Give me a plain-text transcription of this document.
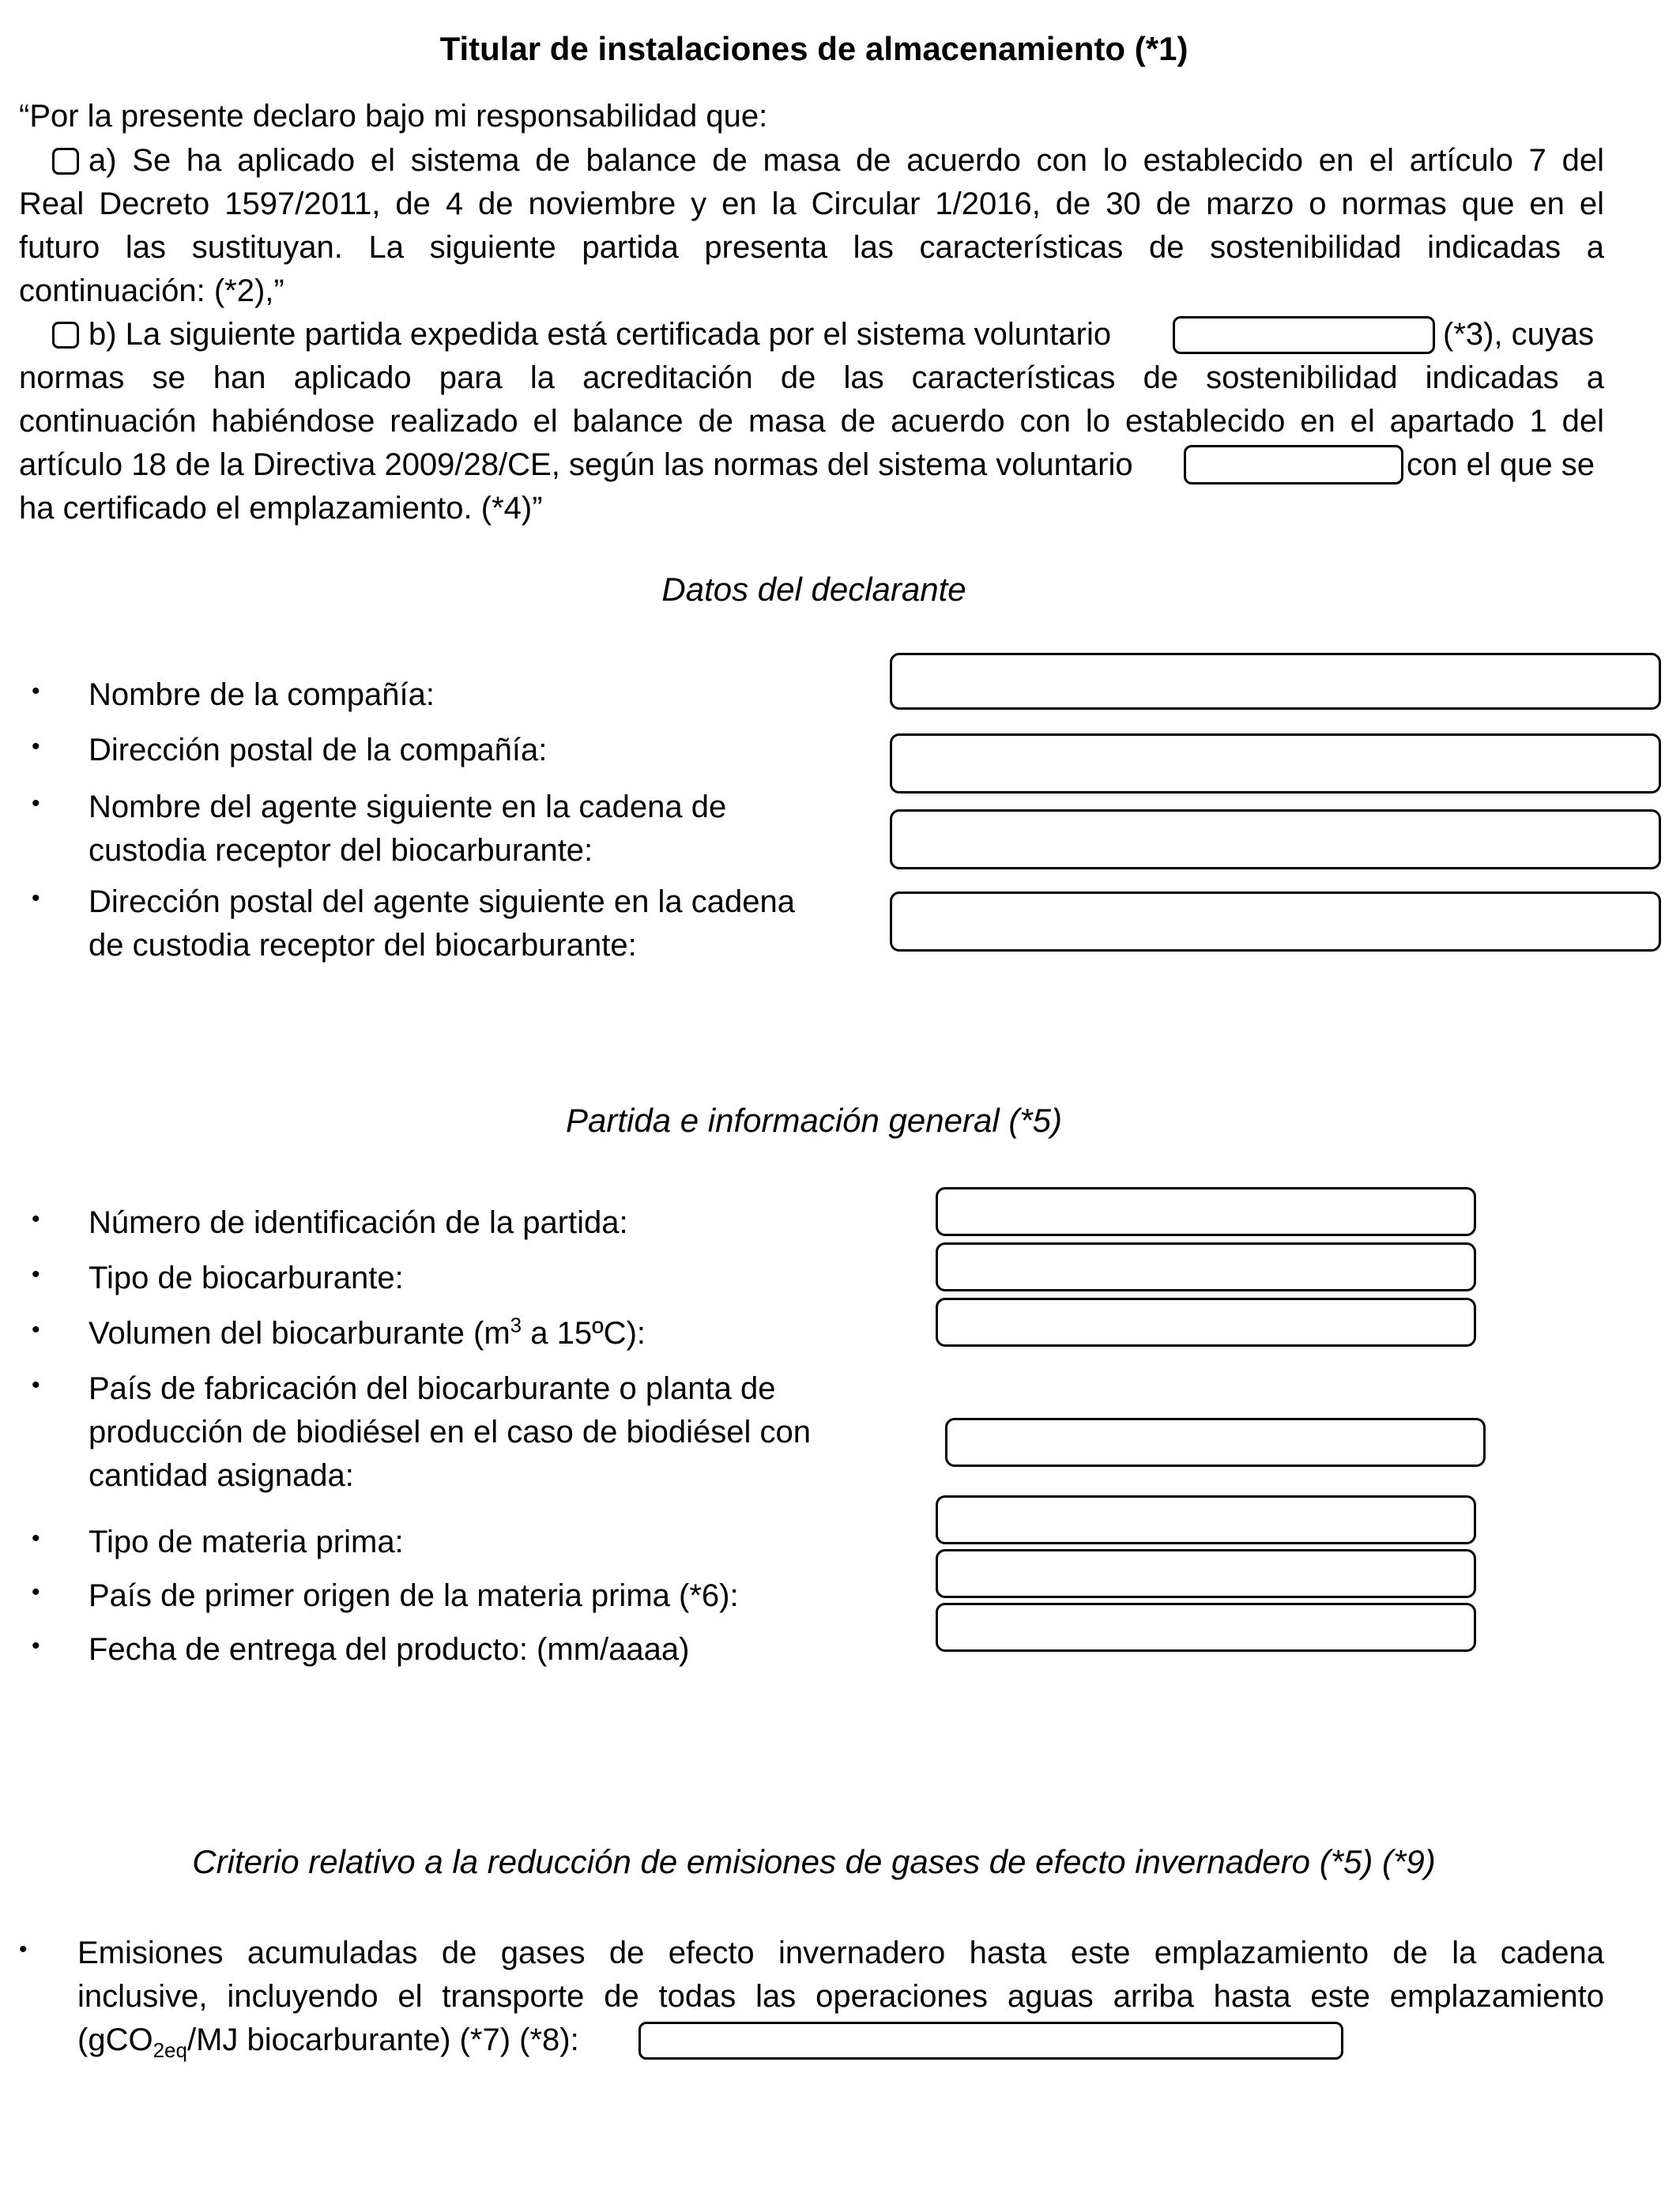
Titular de instalaciones de almacenamiento (*1)
“Por la presente declaro bajo mi responsabilidad que:
a) Se ha aplicado el sistema de balance de masa de acuerdo con lo establecido en el artículo 7 del
Real Decreto 1597/2011, de 4 de noviembre y en la Circular 1/2016, de 30 de marzo o normas que en el
futuro las sustituyan. La siguiente partida presenta las características de sostenibilidad indicadas a
continuación: (*2),”
b) La siguiente partida expedida está certificada por el sistema voluntario	(*3), cuyas
normas se han aplicado para la acreditación de las características de sostenibilidad indicadas a
continuación habiéndose realizado el balance de masa de acuerdo con lo establecido en el apartado 1 del
artículo 18 de la Directiva 2009/28/CE, según las normas del sistema voluntario	con el que se
ha certificado el emplazamiento. (*4)”
Datos del declarante
• Nombre de la compañía:
• Dirección postal de la compañía:
• Nombre del agente siguiente en la cadena de
custodia receptor del biocarburante:
• Dirección postal del agente siguiente en la cadena
de custodia receptor del biocarburante:
Partida e información general (*5)
• Número de identificación de la partida:
• Tipo de biocarburante:
• Volumen del biocarburante ($m^3$ a 15ºC):
• País de fabricación del biocarburante o planta de
producción de biodiésel en el caso de biodiésel con
cantidad asignada:
• Tipo de materia prima:
• País de primer origen de la materia prima (*6):
• Fecha de entrega del producto: (mm/aaaa)
Criterio relativo a la reducción de emisiones de gases de efecto invernadero (*5) (*9)
• Emisiones acumuladas de gases de efecto invernadero hasta este emplazamiento de la cadena
inclusive, incluyendo el transporte de todas las operaciones aguas arriba hasta este emplazamiento
(gCO$_{2eq}$/MJ biocarburante) (*7) (*8):
